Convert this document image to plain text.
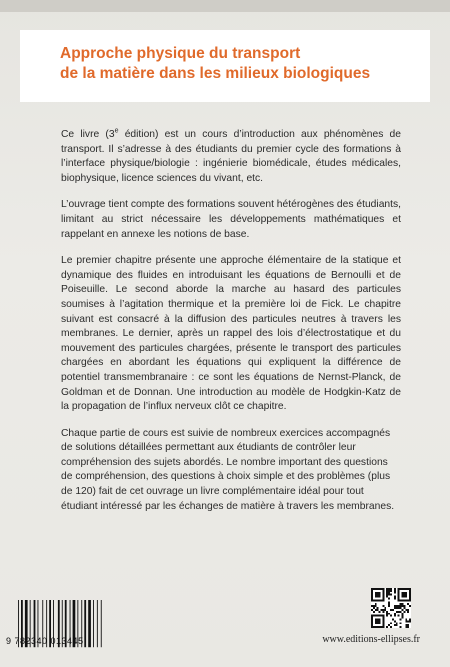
Approche physique du transport
de la matière dans les milieux biologiques

Ce livre (3e édition) est un cours d’introduction aux phénomènes de transport. Il s’adresse à des étudiants du premier cycle des formations à l’interface physique/biologie : ingénierie biomédicale, études médicales, biophysique, licence sciences du vivant, etc.

L’ouvrage tient compte des formations souvent hétérogènes des étudiants, limitant au strict nécessaire les développements mathématiques et rappelant en annexe les notions de base.

Le premier chapitre présente une approche élémentaire de la statique et dynamique des fluides en introduisant les équations de Bernoulli et de Poiseuille. Le second aborde la marche au hasard des particules soumises à l’agitation thermique et la première loi de Fick. Le chapitre suivant est consacré à la diffusion des particules neutres à travers les membranes. Le dernier, après un rappel des lois d’électrostatique et du mouvement des particules chargées, présente le transport des particules chargées en abordant les équations qui expliquent la différence de potentiel transmembranaire : ce sont les équations de Nernst-Planck, de Goldman et de Donnan. Une introduction au modèle de Hodgkin-Katz de la propagation de l’influx nerveux clôt ce chapitre.

Chaque partie de cours est suivie de nombreux exercices accompagnés de solutions détaillées permettant aux étudiants de contrôler leur compréhension des sujets abordés. Le nombre important des questions de compréhension, des questions à choix simple et des problèmes (plus de 120) fait de cet ouvrage un livre complémentaire idéal pour tout étudiant intéressé par les échanges de matière à travers les membranes.

9 782340 013445	www.editions-ellipses.fr
